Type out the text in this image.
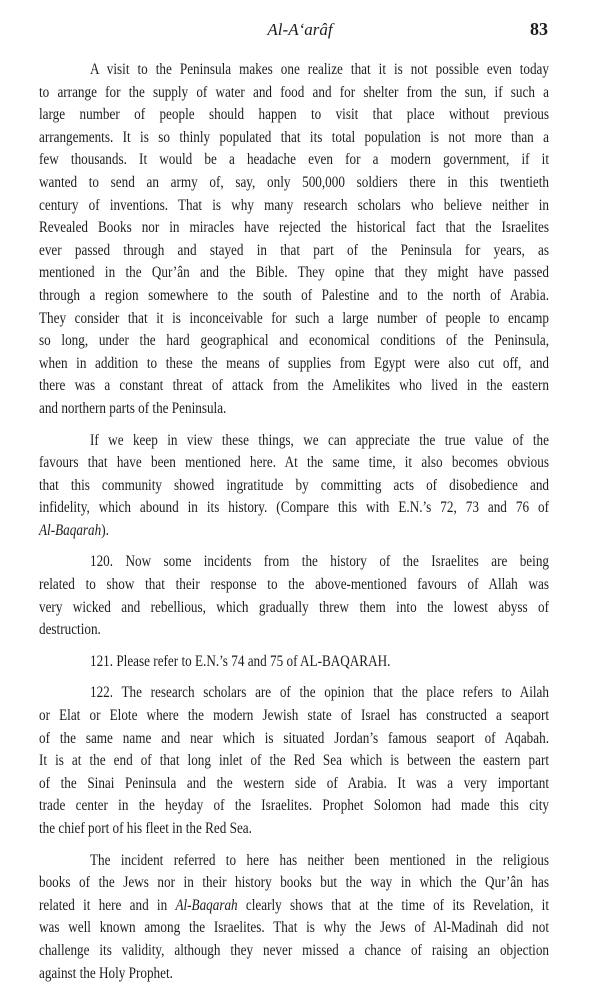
Al-A‘arâf	83
A visit to the Peninsula makes one realize that it is not possible even today
to arrange for the supply of water and food and for shelter from the sun, if such a
large number of people should happen to visit that place without previous
arrangements. It is so thinly populated that its total population is not more than a
few thousands. It would be a headache even for a modern government, if it
wanted to send an army of, say, only 500,000 soldiers there in this twentieth
century of inventions. That is why many research scholars who believe neither in
Revealed Books nor in miracles have rejected the historical fact that the Israelites
ever passed through and stayed in that part of the Peninsula for years, as
mentioned in the Qur’ân and the Bible. They opine that they might have passed
through a region somewhere to the south of Palestine and to the north of Arabia.
They consider that it is inconceivable for such a large number of people to encamp
so long, under the hard geographical and economical conditions of the Peninsula,
when in addition to these the means of supplies from Egypt were also cut off, and
there was a constant threat of attack from the Amelikites who lived in the eastern
and northern parts of the Peninsula.
If we keep in view these things, we can appreciate the true value of the
favours that have been mentioned here. At the same time, it also becomes obvious
that this community showed ingratitude by committing acts of disobedience and
infidelity, which abound in its history. (Compare this with E.N.’s 72, 73 and 76 of
Al-Baqarah).
120. Now some incidents from the history of the Israelites are being
related to show that their response to the above-mentioned favours of Allah was
very wicked and rebellious, which gradually threw them into the lowest abyss of
destruction.
121. Please refer to E.N.’s 74 and 75 of AL-BAQARAH.
122. The research scholars are of the opinion that the place refers to Ailah
or Elat or Elote where the modern Jewish state of Israel has constructed a seaport
of the same name and near which is situated Jordan’s famous seaport of Aqabah.
It is at the end of that long inlet of the Red Sea which is between the eastern part
of the Sinai Peninsula and the western side of Arabia. It was a very important
trade center in the heyday of the Israelites. Prophet Solomon had made this city
the chief port of his fleet in the Red Sea.
The incident referred to here has neither been mentioned in the religious
books of the Jews nor in their history books but the way in which the Qur’ân has
related it here and in Al-Baqarah clearly shows that at the time of its Revelation, it
was well known among the Israelites. That is why the Jews of Al-Madinah did not
challenge its validity, although they never missed a chance of raising an objection
against the Holy Prophet.
